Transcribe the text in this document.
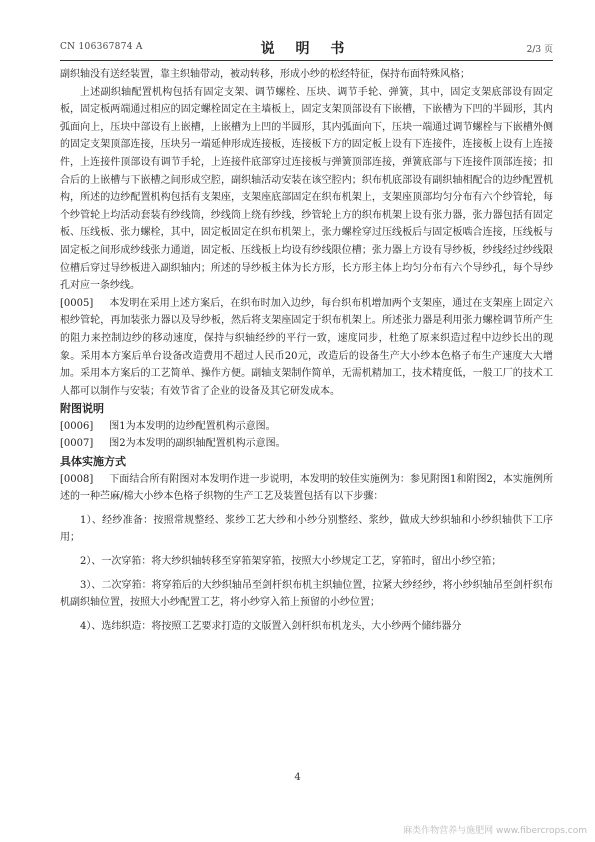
CN 106367874 A	说 明 书	2/3 页

副织轴没有送经装置，靠主织轴带动，被动转移，形成小纱的松经特征，保持布面特殊风格；

上述副织轴配置机构包括有固定支架、调节螺栓、压块、调节手轮、弹簧，其中，固定支架底部设有固定板，固定板两端通过相应的固定螺栓固定在主墙板上，固定支架顶部设有下嵌槽，下嵌槽为下凹的半圆形，其内弧面向上，压块中部设有上嵌槽，上嵌槽为上凹的半圆形，其内弧面向下，压块一端通过调节螺栓与下嵌槽外侧的固定支架顶部连接，压块另一端延伸形成连接板，连接板下方的固定板上设有下连接件，连接板上设有上连接件，上连接件顶部设有调节手轮，上连接件底部穿过连接板与弹簧顶部连接，弹簧底部与下连接件顶部连接；扣合后的上嵌槽与下嵌槽之间形成空腔，副织轴活动安装在该空腔内；织布机底部设有副织轴相配合的边纱配置机构，所述的边纱配置机构包括有支架座，支架座底部固定在织布机架上，支架座顶部均匀分布有六个纱管轮，每个纱管轮上均活动套装有纱线筒，纱线筒上绕有纱线，纱管轮上方的织布机架上设有张力器，张力器包括有固定板、压线板、张力螺栓，其中，固定板固定在织布机架上，张力螺栓穿过压线板后与固定板啮合连接，压线板与固定板之间形成纱线张力通道，固定板、压线板上均设有纱线限位槽；张力器上方设有导纱板，纱线经过纱线限位槽后穿过导纱板进入副织轴内；所述的导纱板主体为长方形，长方形主体上均匀分布有六个导纱孔，每个导纱孔对应一条纱线。

[0005] 本发明在采用上述方案后，在织布时加入边纱，每台织布机增加两个支架座，通过在支架座上固定六根纱管轮，再加装张力器以及导纱板，然后将支架座固定于织布机架上。所述张力器是利用张力螺栓调节所产生的阻力来控制边纱的移动速度，保持与织轴经纱的平行一致，速度同步，杜绝了原来织造过程中边纱长出的现象。采用本方案后单台设备改造费用不超过人民币20元，改造后的设备生产大小纱本色格子布生产速度大大增加。采用本方案后的工艺简单、操作方便。副轴支架制作简单，无需机精加工，技术精度低，一般工厂的技术工人都可以制作与安装；有效节省了企业的设备及其它研发成本。

附图说明

[0006] 图1为本发明的边纱配置机构示意图。

[0007] 图2为本发明的副织轴配置机构示意图。

具体实施方式

[0008] 下面结合所有附图对本发明作进一步说明，本发明的较佳实施例为：参见附图1和附图2，本实施例所述的一种苎麻/棉大小纱本色格子织物的生产工艺及装置包括有以下步骤：

1）、经纱准备：按照常规整经、浆纱工艺大纱和小纱分别整经、浆纱，做成大纱织轴和小纱织轴供下工序用；

2）、一次穿筘：将大纱织轴转移至穿筘架穿筘，按照大小纱规定工艺，穿筘时，留出小纱空筘；

3）、二次穿筘：将穿筘后的大纱织轴吊至剑杆织布机主织轴位置，拉紧大纱经纱，将小纱织轴吊至剑杆织布机副织轴位置，按照大小纱配置工艺，将小纱穿入筘上预留的小纱位置；

4）、选纬织造：将按照工艺要求打造的文版置入剑杆织布机龙头，大小纱两个储纬器分

4
麻类作物营养与施肥网 www.fibercrops.com
